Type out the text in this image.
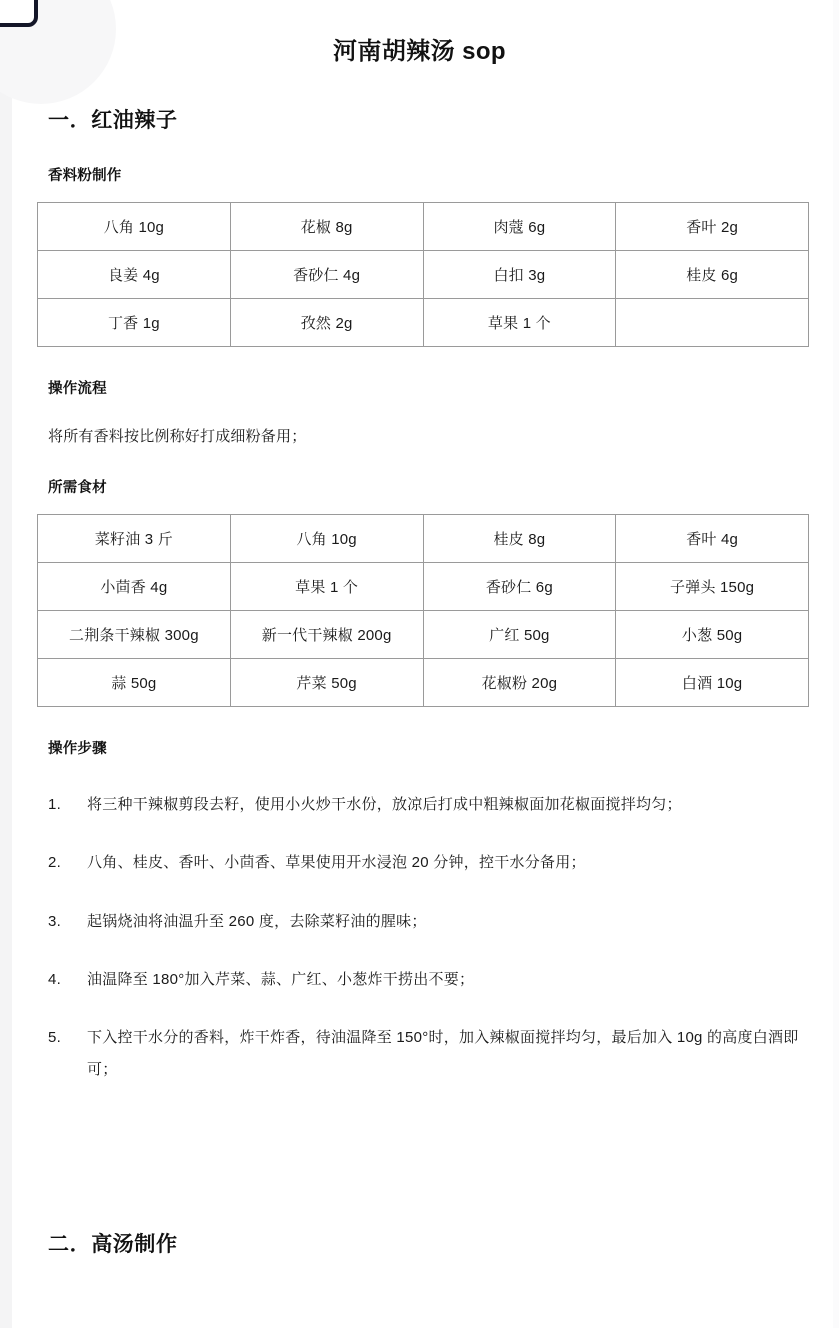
河南胡辣汤 sop
一．红油辣子
香料粉制作
八角 10g	花椒 8g	肉蔻 6g	香叶 2g
良姜 4g	香砂仁 4g	白扣 3g	桂皮 6g
丁香 1g	孜然 2g	草果 1 个	
操作流程

将所有香料按比例称好打成细粉备用；

所需食材
菜籽油 3 斤	八角 10g	桂皮 8g	香叶 4g
小茴香 4g	草果 1 个	香砂仁 6g	子弹头 150g
二荆条干辣椒 300g	新一代干辣椒 200g	广红 50g	小葱 50g
蒜 50g	芹菜 50g	花椒粉 20g	白酒 10g
操作步骤
将三种干辣椒剪段去籽，使用小火炒干水份，放凉后打成中粗辣椒面加花椒面搅拌均匀；
八角、桂皮、香叶、小茴香、草果使用开水浸泡 20 分钟，控干水分备用；
起锅烧油将油温升至 260 度，去除菜籽油的腥味；
油温降至 180°加入芹菜、蒜、广红、小葱炸干捞出不要；
下入控干水分的香料，炸干炸香，待油温降至 150°时，加入辣椒面搅拌均匀，最后加入 10g 的高度白酒即可；
二．高汤制作
